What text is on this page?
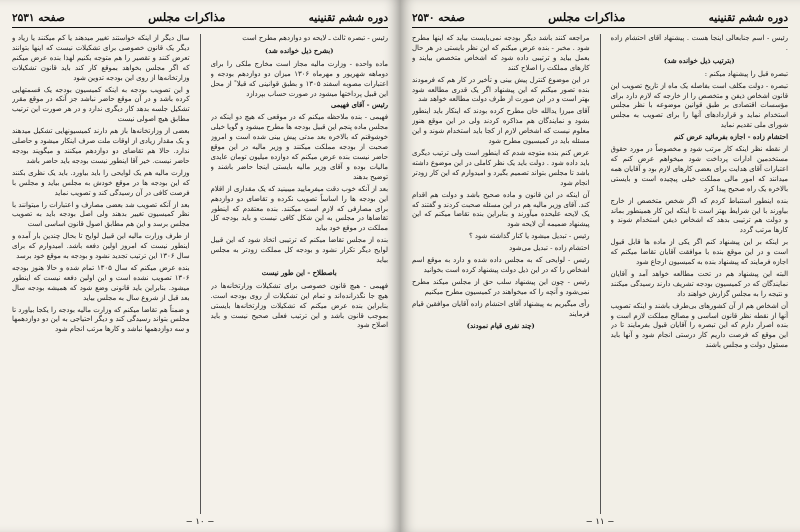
دوره ششم تقنینیه
مذاکرات مجلس
صفحه ۲۵۳۱

رئیس - تبصره ثالث ـ لایحه دو دوازدهم مطرح است

(بشرح ذیل خوانده شد)

ماده واحده - وزارت مالیه مجاز است مخارج ملکی را برای دوماهه شهریور و مهرماه ۱۳۰۶ میزان دو دوازدهم بودجه و اعتبارات مصوبه اسفند ۱۳۰۵ و بطبق قوانینی که قبلا ً از محل این قبیل پرداختها میشود در صورت حساب بپردازد

رئیس - آقای فهیمی

فهیمی - بنده ملاحظه میکنم که در موقعی که هیچ دو اینکه در مجلس ماده پنجم این قبیل بودجه ها مطرح میشود و گویا خیلی خوشوقتم که بالاخره بعد مدتی پیش بینی شده است و امروز صحبت از بودجه مملکت میکنند و وزیر مالیه در این موقع حاضر نیست بنده عرض میکنم که دوازده میلیون تومان عایدی مالیات بوده و آقای وزیر مالیه بایستی اینجا حاضر باشند و توضیح بدهند

بعد از آنکه خوب دقت میفرمایید میبینید که یک مقداری از اقلام این بودجه ها را اساساً تصویب نکرده و تقاضای دو دوازدهم برای مصارفی که لازم است میکنند. بنده معتقدم که اینطور تقاضاها در مجلس به این شکل کافی نیست و باید بودجه کل مملکت در موقع خود بیاید

بنده از مجلس تقاضا میکنم که ترتیبی اتخاذ شود که این قبیل لوایح دیگر تکرار نشود و بودجه کل مملکت زودتر به مجلس بیاید

باصطلاح - این طور نیست

فهیمی - هیچ قانون خصوصی برای تشکیلات وزارتخانه‌ها در هیچ جا نگذرانده‌اند و تمام این تشکیلات از روی بودجه است. بنابراین بنده عرض میکنم که تشکیلات وزارتخانه‌ها بایستی بموجب قانون باشد و این ترتیب فعلی صحیح نیست و باید اصلاح شود

سال دیگر از اینکه خواستند تغییر میدهند یا کم میکنند یا زیاد و دیگر یک قانون خصوصی برای تشکیلات نیست که اینها بتوانند تعرض کنند و تقصیر را هم متوجه بکنیم لهذا بنده عرض میکنم که اگر مجلس بخواهد بموقع کار کند باید قانون تشکیلات وزارتخانه‌ها از روی این بودجه تدوین شود

و این تصویب بودجه به اینکه کمیسیون بودجه یک قسمتهایی کرده باشد و در آن موقع حاضر نباشد جز آنکه در موقع مقرر تشکیل جلسه بدهد کار دیگری ندارد و در هر صورت این ترتیب مطابق هیچ اصولی نیست

بعضی از وزارتخانه‌ها باز هم دارند کمیسیونهایی تشکیل میدهند و یک مقدار زیادی از اوقات ملت صرف اینکار میشود و حاصلی ندارد. حالا هم تقاضای دو دوازدهم میکنند و میگویند بودجه حاضر نیست. خیر آقا اینطور نیست بودجه باید حاضر باشد

وزارت مالیه هم یک لوایحی را باید بیاورد. باید یک نظری بکنند که این بودجه ها در موقع خودش به مجلس بیاید و مجلس با فرصت کافی در آن رسیدگی کند و تصویب نماید

بعد از آنکه تصویب شد بعضی مصارف و اعتبارات را میتوانند با نظر کمیسیون تغییر بدهند ولی اصل بودجه باید به تصویب مجلس برسد و این هم مطابق اصول قانون اساسی است

از طرف وزارت مالیه این قبیل لوایح تا بحال چندین بار آمده و اینطور نیست که امروز اولین دفعه باشد. امیدوارم که برای سال ۱۳۰۶ این ترتیب تجدید نشود و بودجه به موقع خود برسد

بنده عرض میکنم که سال ۱۳۰۵ تمام شده و حالا هنوز بودجه ۱۳۰۶ تصویب نشده است و این اولین دفعه نیست که اینطور میشود. بنابراین باید قانونی وضع شود که همیشه بودجه سال بعد قبل از شروع سال به مجلس بیاید

و ضمناً هم تقاضا میکنم که وزارت مالیه بودجه را یکجا بیاورد تا مجلس بتواند رسیدگی کند و دیگر احتیاجی به این دو دوازدهمها و سه دوازدهمها نباشد و کارها مرتب انجام شود

− ۱۰ −
دوره ششم تقنینیه
مذاکرات مجلس
صفحه ۲۵۳۰

رئیس - اسم جنابعالی اینجا هست . پیشنهاد آقای احتشام زاده .

(بترتیب ذیل خوانده شد)

تبصره قبل را پیشنهاد میکنم :

تبصره - دولت مکلف است بفاصله یک ماه از تاریخ تصویب این قانون اشخاص ذیفن و متخصص را از خارجه که لازم دارد برای مؤسسات اقتصادی بر طبق قوانین موضوعه با نظر مجلس استخدام نماید و قراردادهای آنها را برای تصویب به مجلس شورای ملی تقدیم نماید

احتشام زاده - اجازه بفرمائید عرض کنم

از نقطه نظر اینکه کار مرتب شود و مخصوصاً در مورد حقوق مستخدمین ادارات پرداخت شود میخواهم عرض کنم که اعتبارات آقای هدایت برای بعضی کارهای لازم بود و آقایان همه میدانند که امور مالی مملکت خیلی پیچیده است و بایستی بالاخره یک راه صحیح پیدا کرد

بنده اینطور استنباط کردم که اگر شخص متخصص از خارج بیاورند با این شرایط بهتر است تا اینکه این کار همینطور بماند و دولت هم ترتیبی بدهد که اشخاص ذیفن استخدام شوند و کارها مرتب گردد

بر اینکه بر این پیشنهاد کنم اگر یکی از ماده ها قابل قبول است و در این موقع بنده با موافقت آقایان تقاضا میکنم که اجازه فرمایند که پیشنهاد بنده به کمیسیون ارجاع شود

البته این پیشنهاد هم در تحت مطالعه خواهد آمد و آقایان نمایندگان که در کمیسیون بودجه تشریف دارند رسیدگی میکنند و نتیجه را به مجلس گزارش خواهند داد

آن اشخاص هم از آن کشورهای بی‌طرف باشند و اینکه تصویب آنها از نقطه نظر قانون اساسی و مصالح مملکت لازم است و بنده اصرار دارم که این تبصره را آقایان قبول بفرمایند تا در این موقع که فرصت داریم کار درستی انجام شود و آنها باید مسئول دولت و مجلس باشند

مراجعه کنند باشد دیگر بودجه نمی‌بایست بیاید که اینها مطرح شود . مخبر - بنده عرض میکنم که این نظر بایستی در هر حال بعمل بیاید و ترتیبی داده شود که اشخاص متخصص بیایند و کارهای مملکت را اصلاح کنند

در این موضوع کنترل پیش بینی و تأخیر در کار هم که فرمودند بنده تصور میکنم که این پیشنهاد اگر یک قدری مطالعه شود بهتر است و در این صورت از طرف دولت مطالعه خواهد شد

آقای میرزا یدالله خان مطرح کرده بودند که اینکار باید اینطور بشود و نمایندگان هم مذاکره کردند ولی در این موقع هنوز معلوم نیست که اشخاص لازم از کجا باید استخدام شوند و این مسئله باید در کمیسیون مطرح شود

عرض کنم بنده متوجه شدم که اینطور است ولی ترتیب دیگری باید داده شود . دولت باید یک نظر کاملی در این موضوع داشته باشد تا مجلس بتواند تصمیم بگیرد و امیدوارم که این کار زودتر انجام شود

آن اینکه در این قانون و ماده صحیح باشد و دولت هم اقدام کند. آقای وزیر مالیه هم در این مسئله صحبت کردند و گفتند که یک لایحه علیحده میآورند و بنابراین بنده تقاضا میکنم که این پیشنهاد ضمیمه آن لایحه شود

رئیس - تبدیل میشود یا کنار گذاشته شود ؟

احتشام زاده - تبدیل می‌شود

رئیس - لوایحی که به مجلس داده شده و دارد به موقع اسم اشخاص را که در این ذیل دولت پیشنهاد کرده است بخوانید

رئیس - چون این پیشنهاد سلب حق از مجلس میکند مطرح نمی‌شود و آنچه را که میخواهند در کمیسیون مطرح میکنیم

رأی میگیریم به پیشنهاد آقای احتشام زاده آقایان موافقین قیام فرمایند

(چند نفری قیام نمودند)

− ۱۱ −
